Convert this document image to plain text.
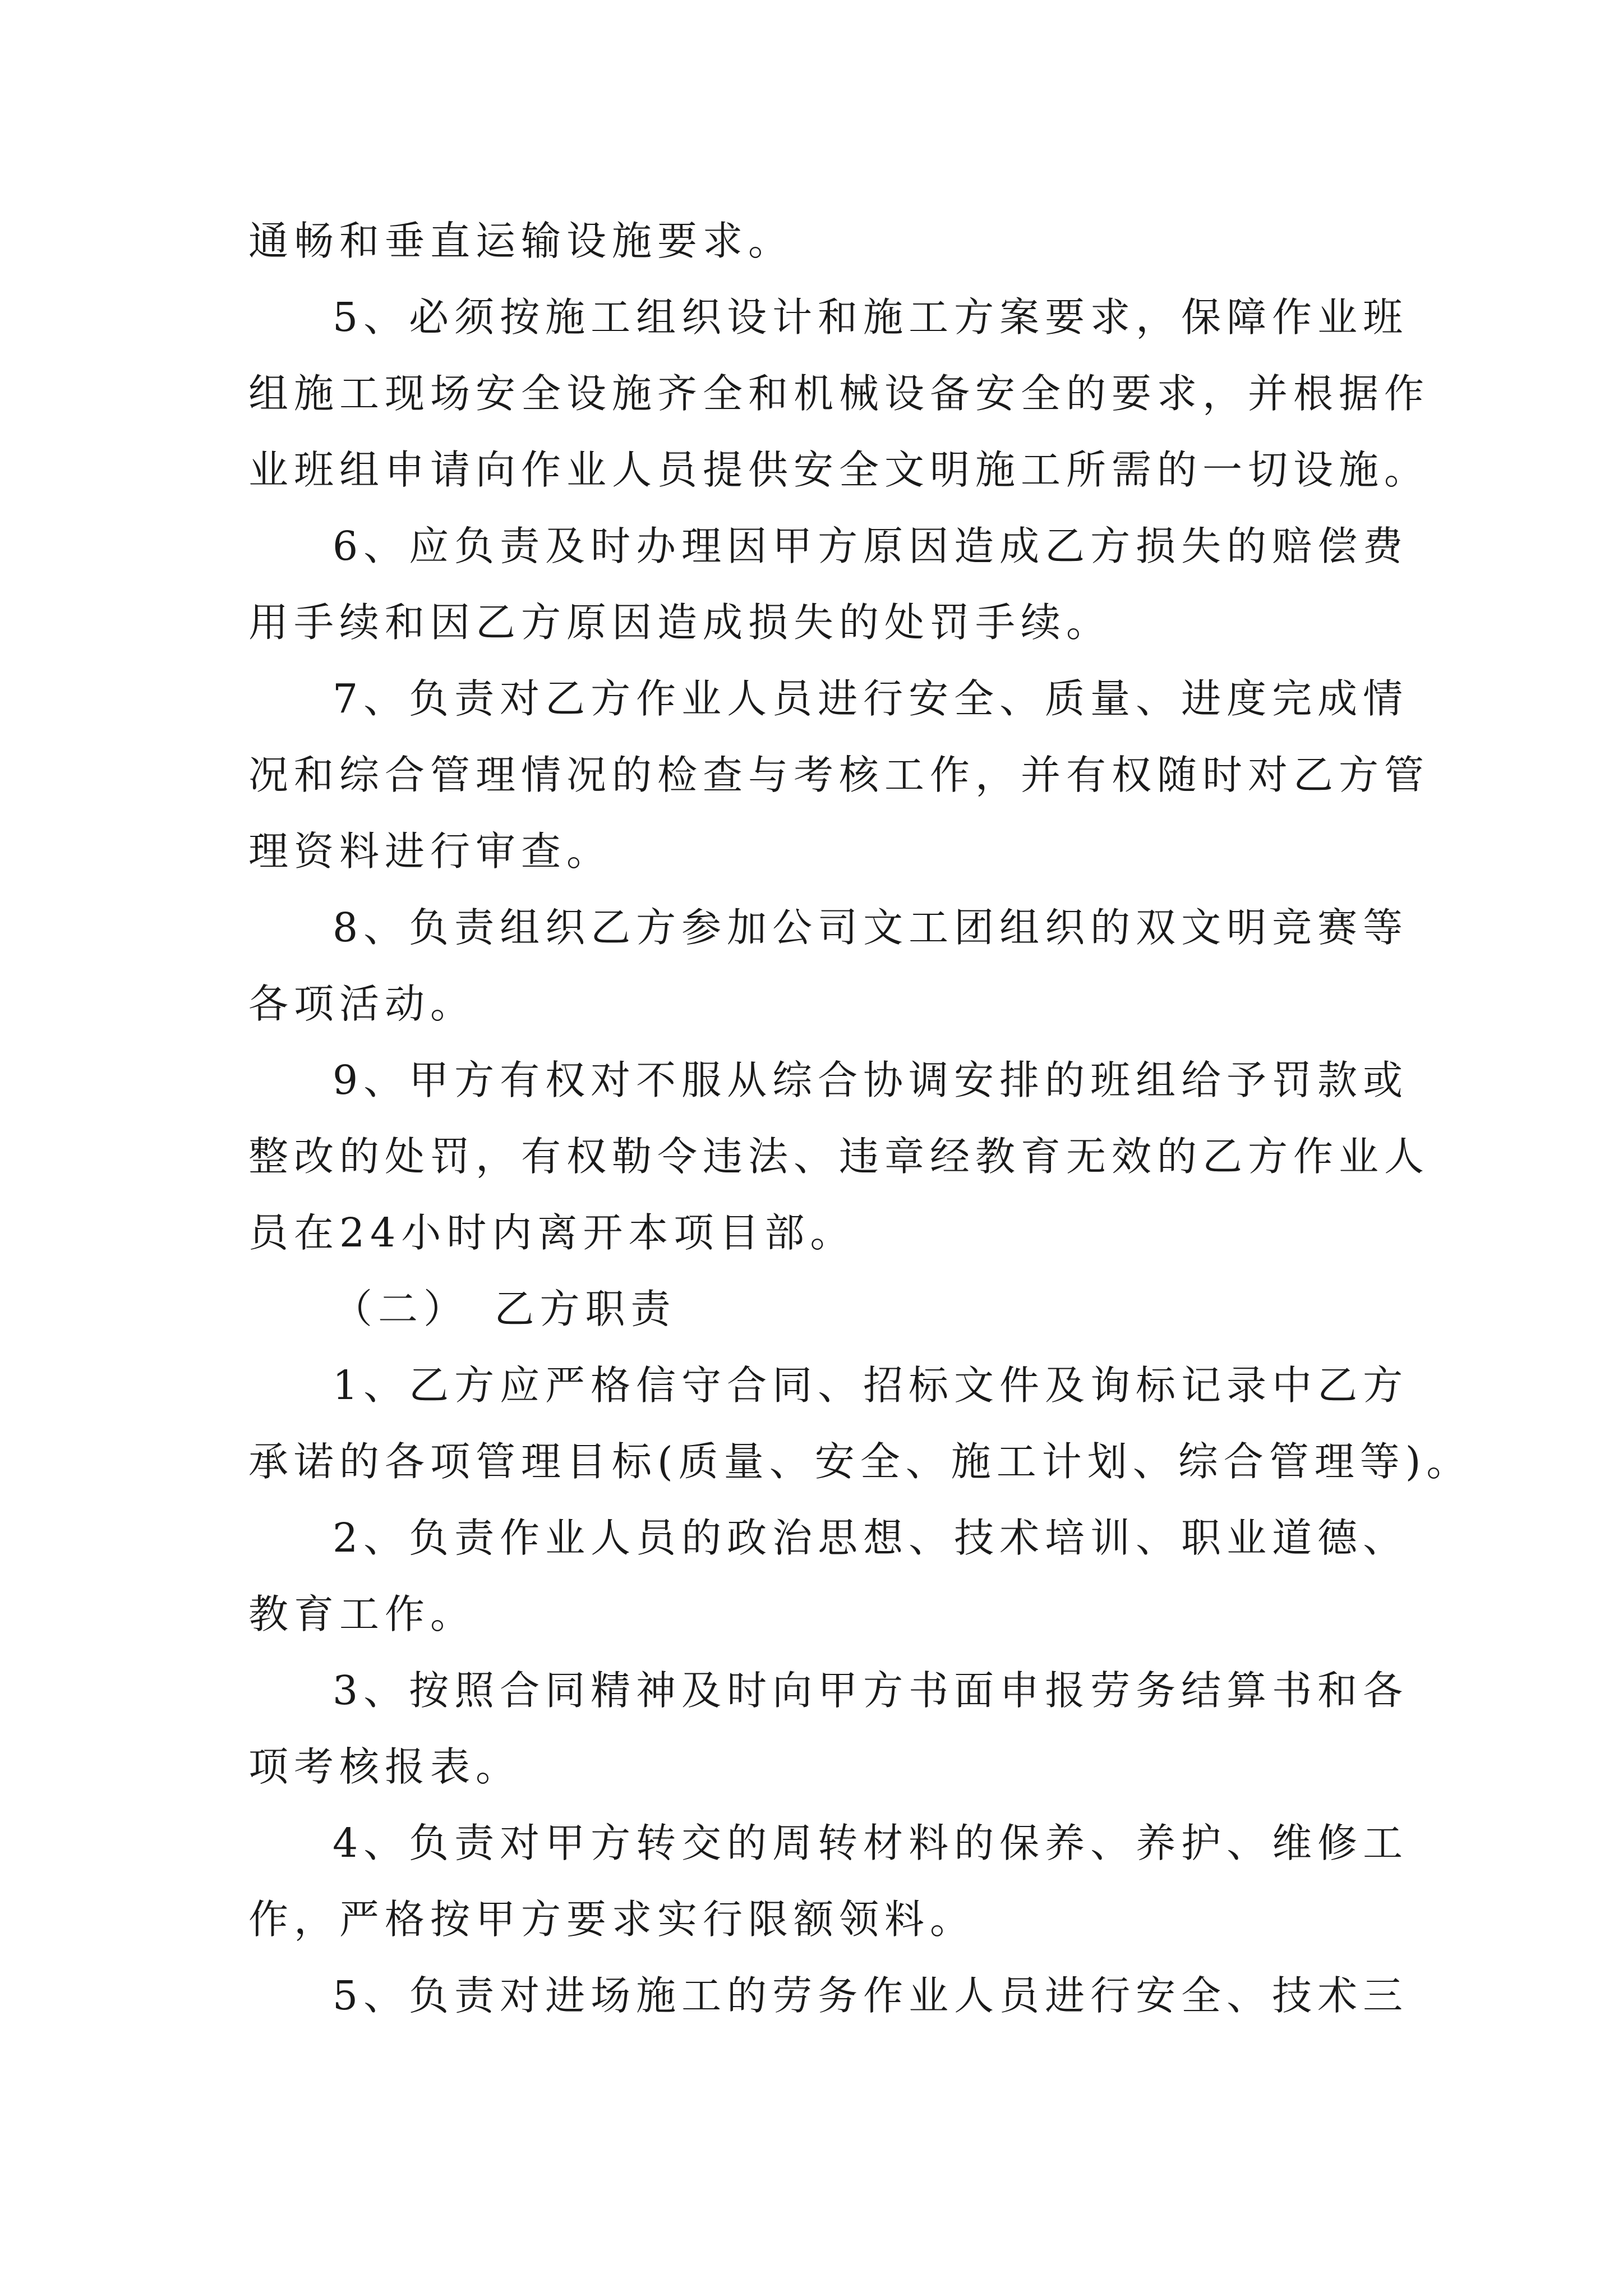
通畅和垂直运输设施要求。
5、必须按施工组织设计和施工方案要求，保障作业班
组施工现场安全设施齐全和机械设备安全的要求，并根据作
业班组申请向作业人员提供安全文明施工所需的一切设施。
6、应负责及时办理因甲方原因造成乙方损失的赔偿费
用手续和因乙方原因造成损失的处罚手续。
7、负责对乙方作业人员进行安全、质量、进度完成情
况和综合管理情况的检查与考核工作，并有权随时对乙方管
理资料进行审查。
8、负责组织乙方参加公司文工团组织的双文明竞赛等
各项活动。
9、甲方有权对不服从综合协调安排的班组给予罚款或
整改的处罚，有权勒令违法、违章经教育无效的乙方作业人
员在24小时内离开本项目部。
（二）　乙方职责
1、乙方应严格信守合同、招标文件及询标记录中乙方
承诺的各项管理目标(质量、安全、施工计划、综合管理等)。
2、负责作业人员的政治思想、技术培训、职业道德、
教育工作。
3、按照合同精神及时向甲方书面申报劳务结算书和各
项考核报表。
4、负责对甲方转交的周转材料的保养、养护、维修工
作，严格按甲方要求实行限额领料。
5、负责对进场施工的劳务作业人员进行安全、技术三
